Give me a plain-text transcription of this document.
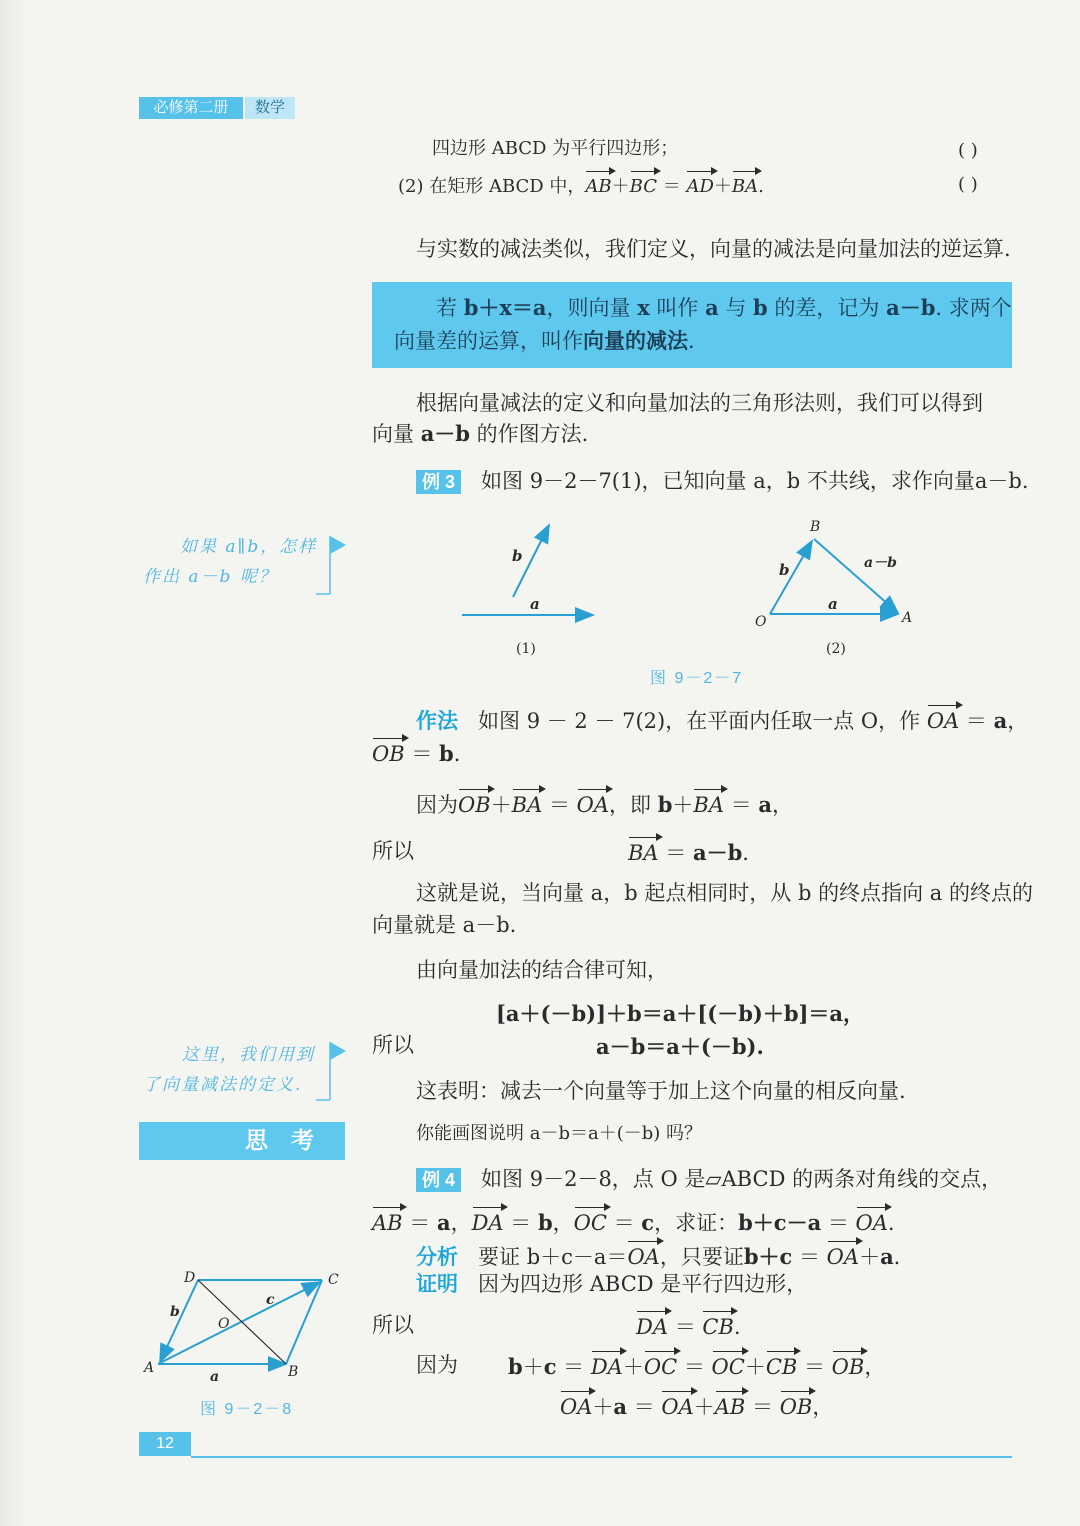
必修第二册	数学
四边形 ABCD 为平行四边形；	( )
(2) 在矩形 ABCD 中，AB＋BC ＝ AD＋BA.	( )
与实数的减法类似，我们定义，向量的减法是向量加法的逆运算.
若 b＋x＝a，则向量 x 叫作 a 与 b 的差，记为 a－b. 求两个
向量差的运算，叫作向量的减法.
根据向量减法的定义和向量加法的三角形法则，我们可以得到
向量 a－b 的作图方法.
例 3 如图 9－2－7(1)，已知向量 a，b 不共线，求作向量a－b.
如果 a∥b，怎样
作出 a－b 呢？
b
a
(1)
B
a－b
b
a
O	A
(2)
图 9－2－7
作法 如图 9 － 2 － 7(2)，在平面内任取一点 O，作 OA ＝ a，
OB ＝ b.
因为OB＋BA ＝ OA，即 b＋BA ＝ a，
所以	BA ＝ a－b.
这就是说，当向量 a，b 起点相同时，从 b 的终点指向 a 的终点的
向量就是 a－b.
由向量加法的结合律可知，
[a＋(－b)]＋b＝a＋[(－b)＋b]＝a，
所以	a－b＝a＋(－b).
这表明：减去一个向量等于加上这个向量的相反向量.
这里，我们用到
了向量减法的定义.
思　考	你能画图说明 a－b＝a＋(－b) 吗？
例 4 如图 9－2－8，点 O 是▱ABCD 的两条对角线的交点，
AB ＝ a，DA ＝ b，OC ＝ c，求证：b＋c－a ＝ OA.
分析 要证 b＋c－a＝OA，只要证b＋c ＝ OA＋a.
证明 因为四边形 ABCD 是平行四边形，
所以	DA ＝ CB.
因为 b＋c ＝ DA＋OC ＝ OC＋CB ＝ OB，
OA＋a ＝ OA＋AB ＝ OB，
D	C
A	B
O
b
c
a
图 9－2－8
12
